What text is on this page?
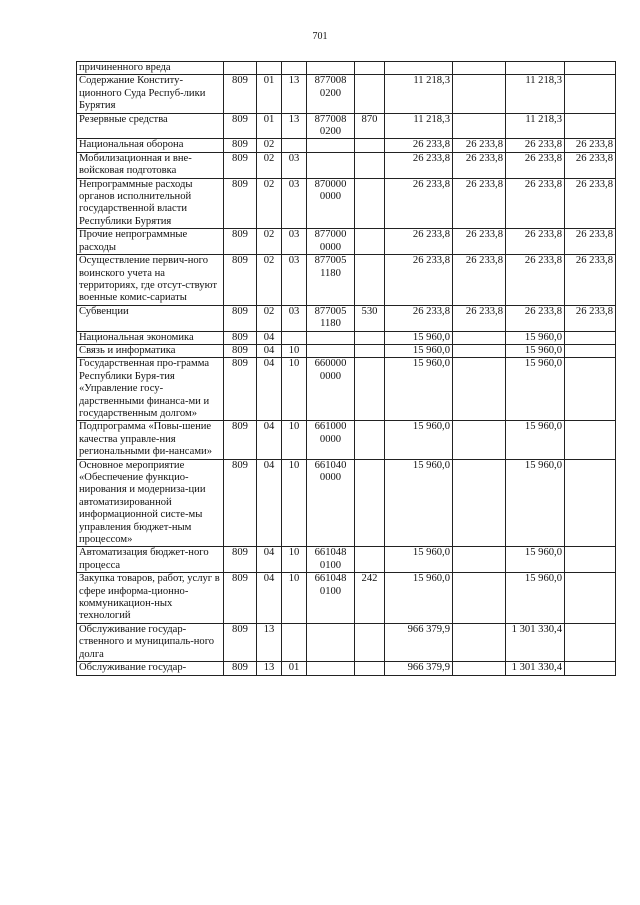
701
причиненного вреда									
Содержание Конститу-ционного Суда Респуб-лики Бурятия	809	01	13	877008 0200		11 218,3		11 218,3	
Резервные средства	809	01	13	877008 0200	870	11 218,3		11 218,3	
Национальная оборона	809	02				26 233,8	26 233,8	26 233,8	26 233,8
Мобилизационная и вне-войсковая подготовка	809	02	03			26 233,8	26 233,8	26 233,8	26 233,8
Непрограммные расходы органов исполнительной государственной власти Республики Бурятия	809	02	03	870000 0000		26 233,8	26 233,8	26 233,8	26 233,8
Прочие непрограммные расходы	809	02	03	877000 0000		26 233,8	26 233,8	26 233,8	26 233,8
Осуществление первич-ного воинского учета на территориях, где отсут-ствуют военные комис-сариаты	809	02	03	877005 1180		26 233,8	26 233,8	26 233,8	26 233,8
Субвенции	809	02	03	877005 1180	530	26 233,8	26 233,8	26 233,8	26 233,8
Национальная экономика	809	04				15 960,0		15 960,0	
Связь и информатика	809	04	10			15 960,0		15 960,0	
Государственная про-грамма Республики Буря-тия «Управление госу-дарственными финанса-ми и государственным долгом»	809	04	10	660000 0000		15 960,0		15 960,0	
Подпрограмма «Повы-шение качества управле-ния региональными фи-нансами»	809	04	10	661000 0000		15 960,0		15 960,0	
Основное мероприятие «Обеспечение функцио-нирования и модерниза-ции автоматизированной информационной систе-мы управления бюджет-ным процессом»	809	04	10	661040 0000		15 960,0		15 960,0	
Автоматизация бюджет-ного процесса	809	04	10	661048 0100		15 960,0		15 960,0	
Закупка товаров, работ, услуг в сфере информа-ционно-коммуникацион-ных технологий	809	04	10	661048 0100	242	15 960,0		15 960,0	
Обслуживание государ-ственного и муниципаль-ного долга	809	13				966 379,9		1 301 330,4	
Обслуживание государ-	809	13	01			966 379,9		1 301 330,4	
